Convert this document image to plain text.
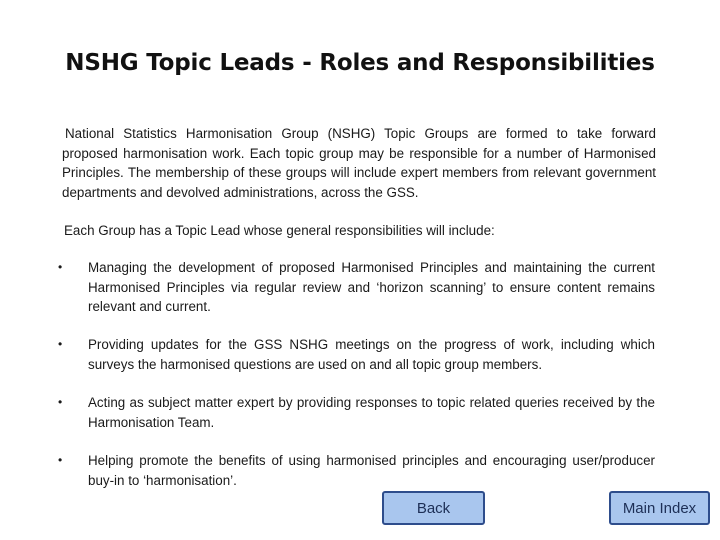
NSHG Topic Leads - Roles and Responsibilities

National Statistics Harmonisation Group (NSHG) Topic Groups are formed to take forward proposed harmonisation work. Each topic group may be responsible for a number of Harmonised Principles. The membership of these groups will include expert members from relevant government departments and devolved administrations, across the GSS.

Each Group has a Topic Lead whose general responsibilities will include:

•	Managing the development of proposed Harmonised Principles and maintaining the current Harmonised Principles via regular review and ‘horizon scanning’ to ensure content remains relevant and current.
•	Providing updates for the GSS NSHG meetings on the progress of work, including which surveys the harmonised questions are used on and all topic group members.
•	Acting as subject matter expert by providing responses to topic related queries received by the Harmonisation Team.
•	Helping promote the benefits of using harmonised principles and encouraging user/producer buy-in to ‘harmonisation’.
Back	Main Index
